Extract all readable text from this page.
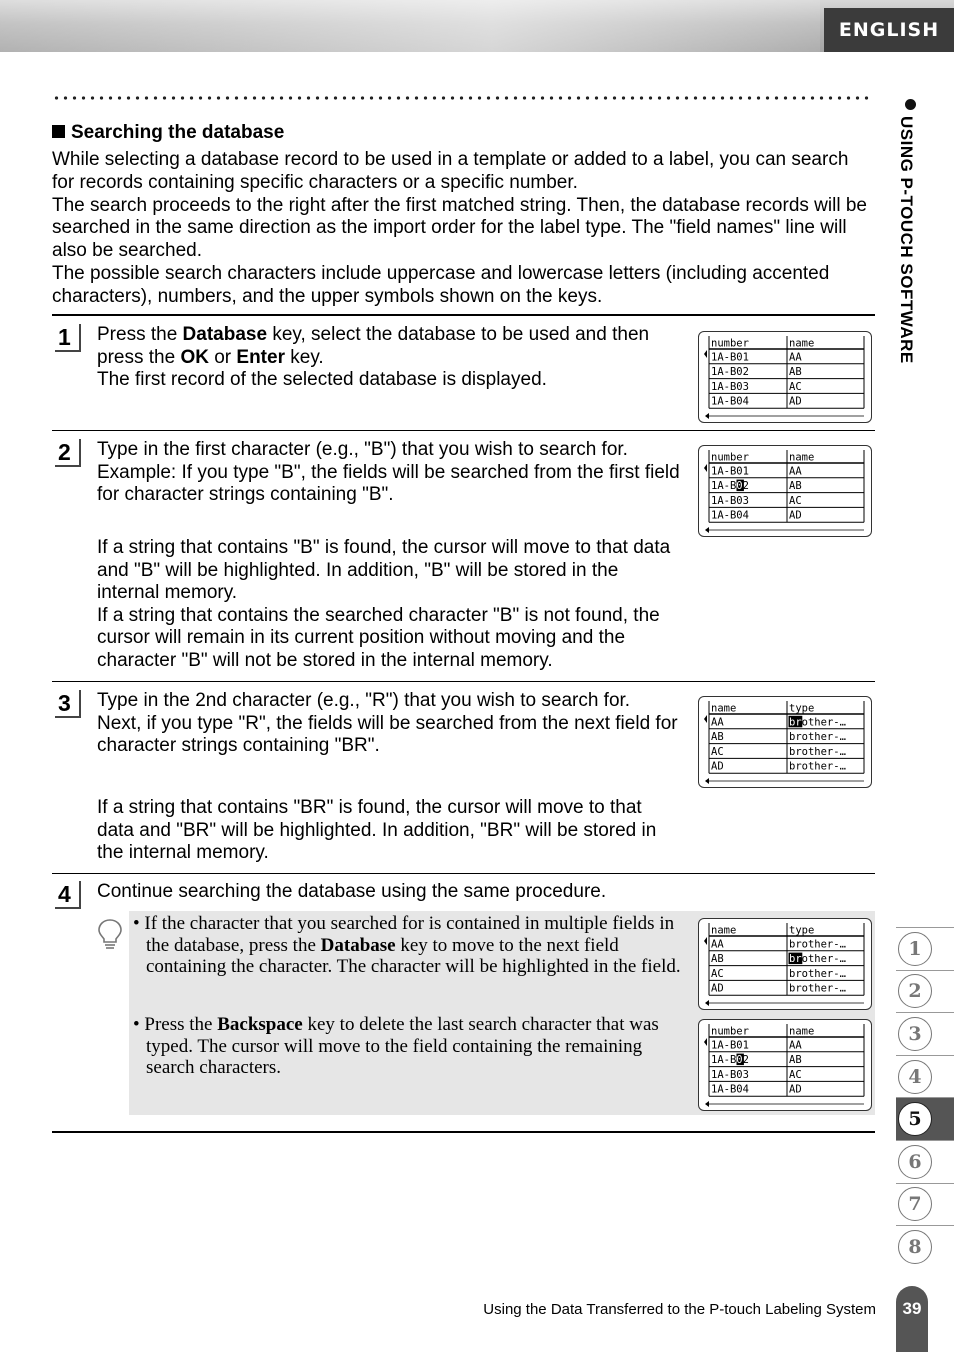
ENGLISH
USING P-TOUCH SOFTWARE
1
2
3
4
5
6
7
8
Searching the database
While selecting a database record to be used in a template or added to a label, you can search for records containing specific characters or a specific number.
The search proceeds to the right after the first matched string. Then, the database records will be searched in the same direction as the import order for the label type. The "field names" line will also be searched.
The possible search characters include uppercase and lowercase letters (including accented characters), numbers, and the upper symbols shown on the keys.
1	Press the Database key, select the database to be used and then press the OK or Enter key.
The first record of the selected database is displayed.
number	name
1A-B01	AA
1A-B02	AB
1A-B03	AC
1A-B04	AD
2	Type in the first character (e.g., "B") that you wish to search for.
Example: If you type "B", the fields will be searched from the first field for character strings containing "B".
If a string that contains "B" is found, the cursor will move to that data and "B" will be highlighted. In addition, "B" will be stored in the internal memory.
If a string that contains the searched character "B" is not found, the cursor will remain in its current position without moving and the character "B" will not be stored in the internal memory.
number	name
1A-B01	AA
1A-B02	AB
1A-B03	AC
1A-B04	AD
3	Type in the 2nd character (e.g., "R") that you wish to search for.
Next, if you type "R", the fields will be searched from the next field for character strings containing "BR".
If a string that contains "BR" is found, the cursor will move to that data and "BR" will be highlighted. In addition, "BR" will be stored in the internal memory.
name	type
AA	brother-…
AB	brother-…
AC	brother-…
AD	brother-…
4	Continue searching the database using the same procedure.
• If the character that you searched for is contained in multiple fields in the database, press the Database key to move to the next field containing the character. The character will be highlighted in the field.
• Press the Backspace key to delete the last search character that was typed. The cursor will move to the field containing the remaining search characters.
name	type
AA	brother-…
AB	brother-…
AC	brother-…
AD	brother-…
number	name
1A-B01	AA
1A-B02	AB
1A-B03	AC
1A-B04	AD
Using the Data Transferred to the P-touch Labeling System	39
